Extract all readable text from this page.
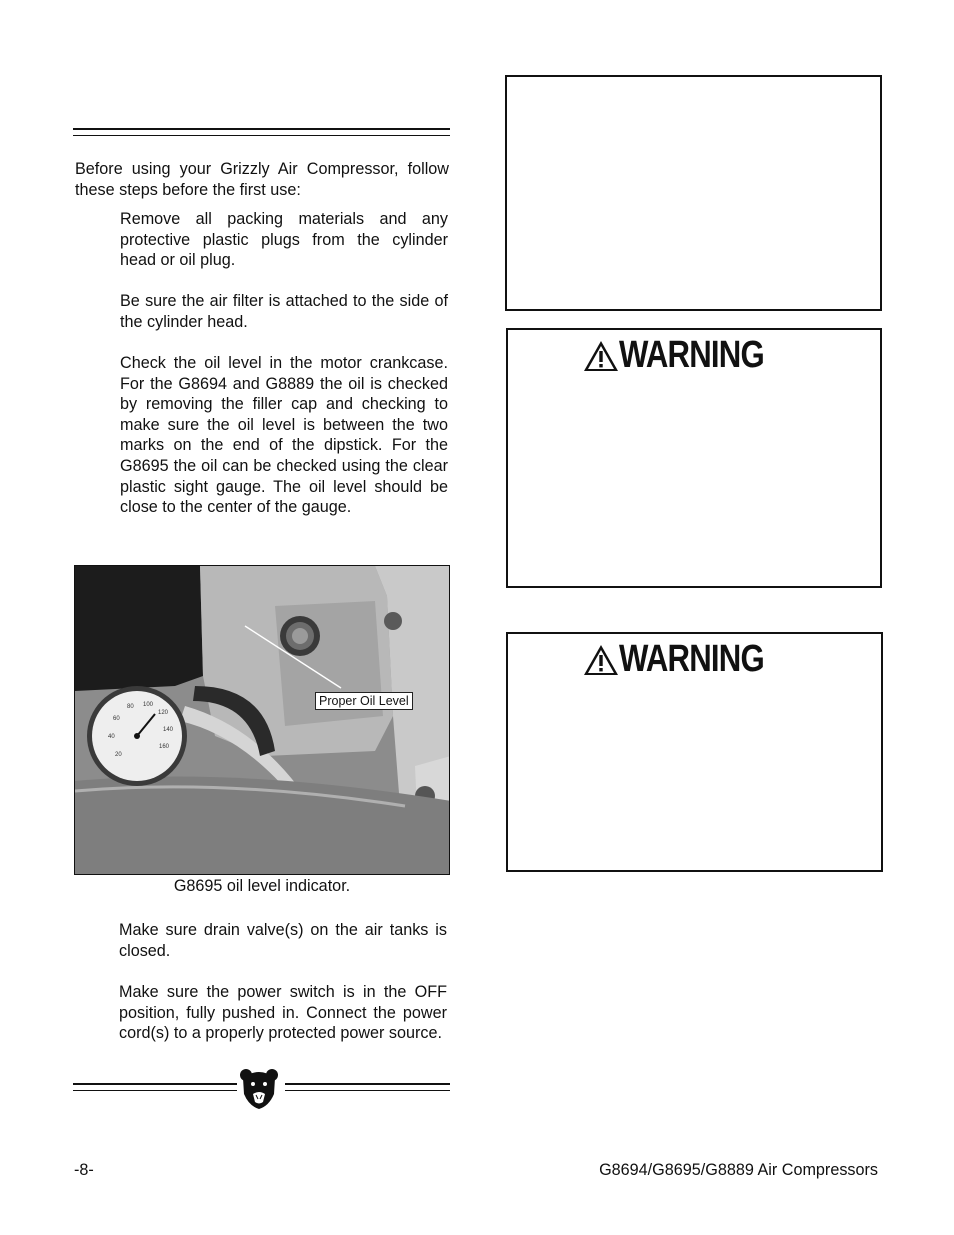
Before using your Grizzly Air Compressor, follow these steps before the first use:
Remove all packing materials and any protective plastic plugs from the cylinder head or oil plug.
Be sure the air filter is attached to the side of the cylinder head.
Check the oil level in the motor crankcase. For the G8694 and G8889 the oil is checked by removing the filler cap and checking to make sure the oil level is between the two marks on the end of the dipstick. For the G8695 the oil can be checked using the clear plastic sight gauge. The oil level should be close to the center of the gauge.
20
40
60
80 100
120
140
160
Proper Oil Level
G8695 oil level indicator.
Make sure drain valve(s) on the air tanks is closed.
Make sure the power switch is in the OFF position, fully pushed in. Connect the power cord(s) to a properly protected power source.
WARNING
WARNING
-8-	G8694/G8695/G8889 Air Compressors
